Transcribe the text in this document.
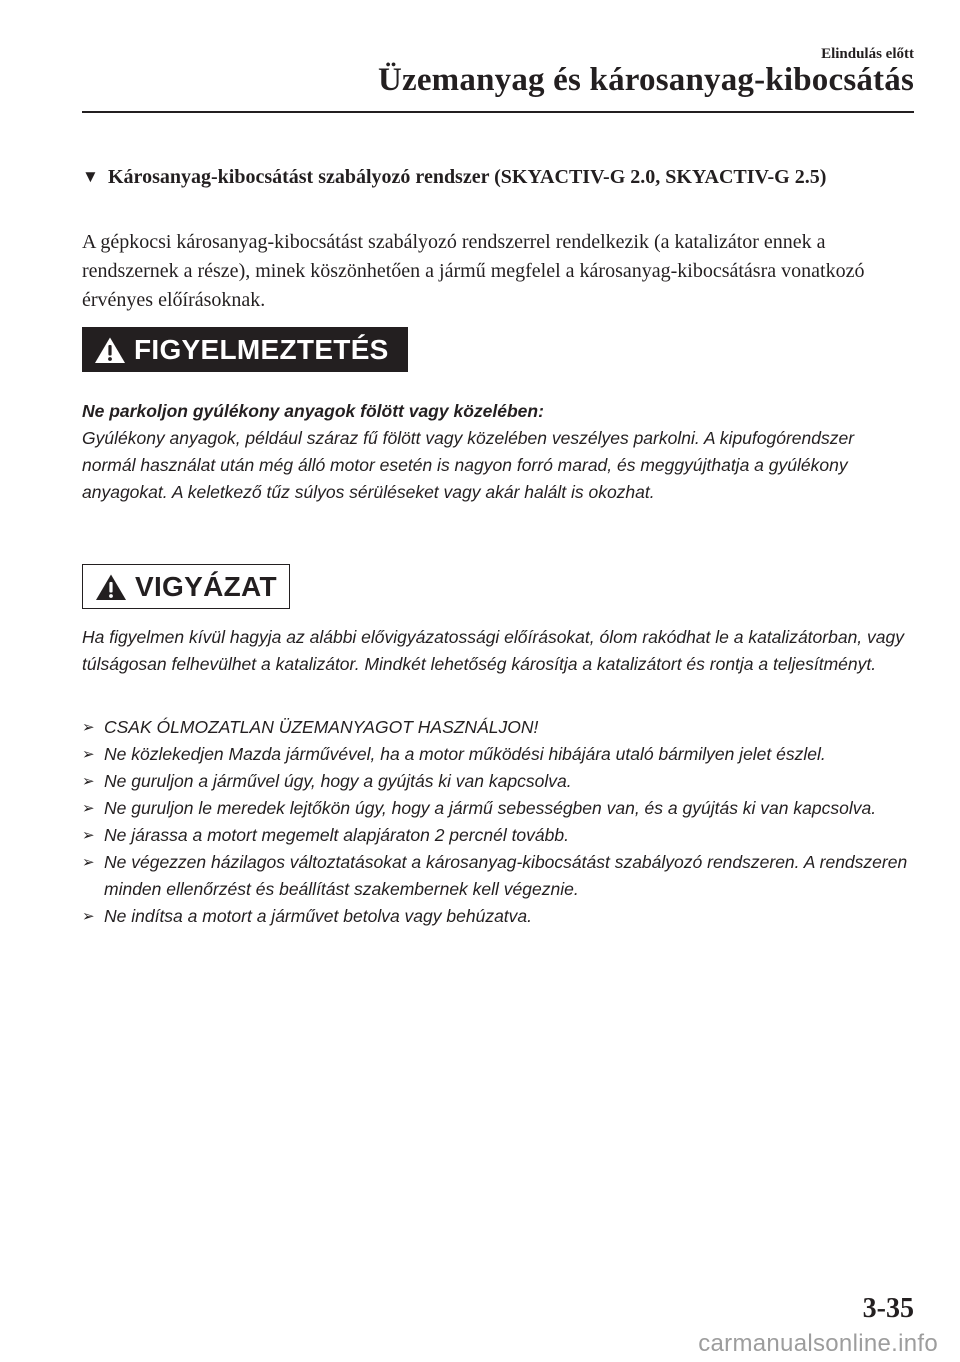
Elindulás előtt
Üzemanyag és károsanyag-kibocsátás
▼ Károsanyag-kibocsátást szabályozó rendszer (SKYACTIV-G 2.0, SKYACTIV-G 2.5)
A gépkocsi károsanyag-kibocsátást szabályozó rendszerrel rendelkezik (a katalizátor ennek a rendszernek a része), minek köszönhetően a jármű megfelel a károsanyag-kibocsátásra vonatkozó érvényes előírásoknak.
FIGYELMEZTETÉS
Ne parkoljon gyúlékony anyagok fölött vagy közelében:
Gyúlékony anyagok, például száraz fű fölött vagy közelében veszélyes parkolni. A kipufogórendszer normál használat után még álló motor esetén is nagyon forró marad, és meggyújthatja a gyúlékony anyagokat. A keletkező tűz súlyos sérüléseket vagy akár halált is okozhat.
VIGYÁZAT
Ha figyelmen kívül hagyja az alábbi elővigyázatossági előírásokat, ólom rakódhat le a katalizátorban, vagy túlságosan felhevülhet a katalizátor. Mindkét lehetőség károsítja a katalizátort és rontja a teljesítményt.
➢ CSAK ÓLMOZATLAN ÜZEMANYAGOT HASZNÁLJON!
➢ Ne közlekedjen Mazda járművével, ha a motor működési hibájára utaló bármilyen jelet észlel.
➢ Ne guruljon a járművel úgy, hogy a gyújtás ki van kapcsolva.
➢ Ne guruljon le meredek lejtőkön úgy, hogy a jármű sebességben van, és a gyújtás ki van kapcsolva.
➢ Ne járassa a motort megemelt alapjáraton 2 percnél tovább.
➢ Ne végezzen házilagos változtatásokat a károsanyag-kibocsátást szabályozó rendszeren. A rendszeren minden ellenőrzést és beállítást szakembernek kell végeznie.
➢ Ne indítsa a motort a járművet betolva vagy behúzatva.
3-35
carmanualsonline.info
